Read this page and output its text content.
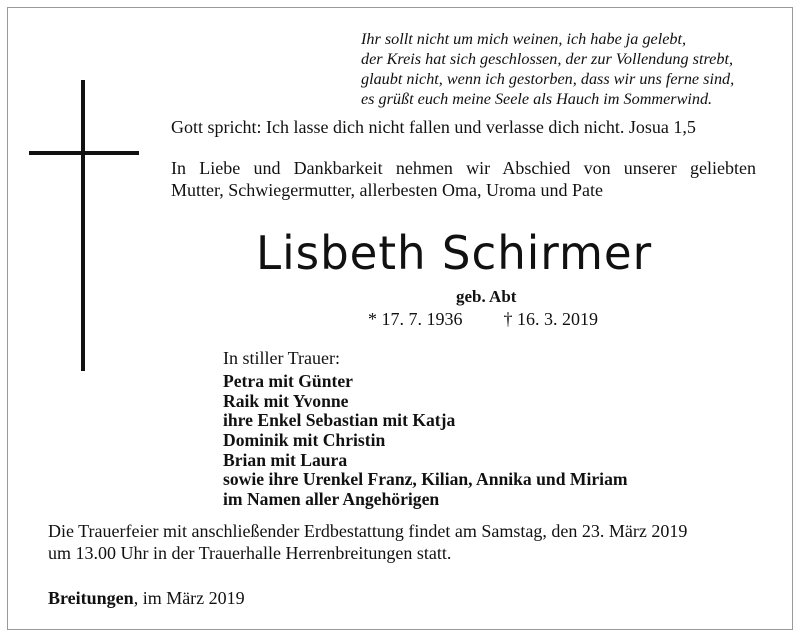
Ihr sollt nicht um mich weinen, ich habe ja gelebt,
der Kreis hat sich geschlossen, der zur Vollendung strebt,
glaubt nicht, wenn ich gestorben, dass wir uns ferne sind,
es grüßt euch meine Seele als Hauch im Sommerwind.
Gott spricht: Ich lasse dich nicht fallen und verlasse dich nicht. Josua 1,5
In Liebe und Dankbarkeit nehmen wir Abschied von unserer geliebten
Mutter, Schwiegermutter, allerbesten Oma, Uroma und Pate
Lisbeth Schirmer
geb. Abt
* 17. 7. 1936 † 16. 3. 2019
In stiller Trauer:
Petra mit Günter
Raik mit Yvonne
ihre Enkel Sebastian mit Katja
Dominik mit Christin
Brian mit Laura
sowie ihre Urenkel Franz, Kilian, Annika und Miriam
im Namen aller Angehörigen
Die Trauerfeier mit anschließender Erdbestattung findet am Samstag, den 23. März 2019
um 13.00 Uhr in der Trauerhalle Herrenbreitungen statt.
Breitungen, im März 2019
